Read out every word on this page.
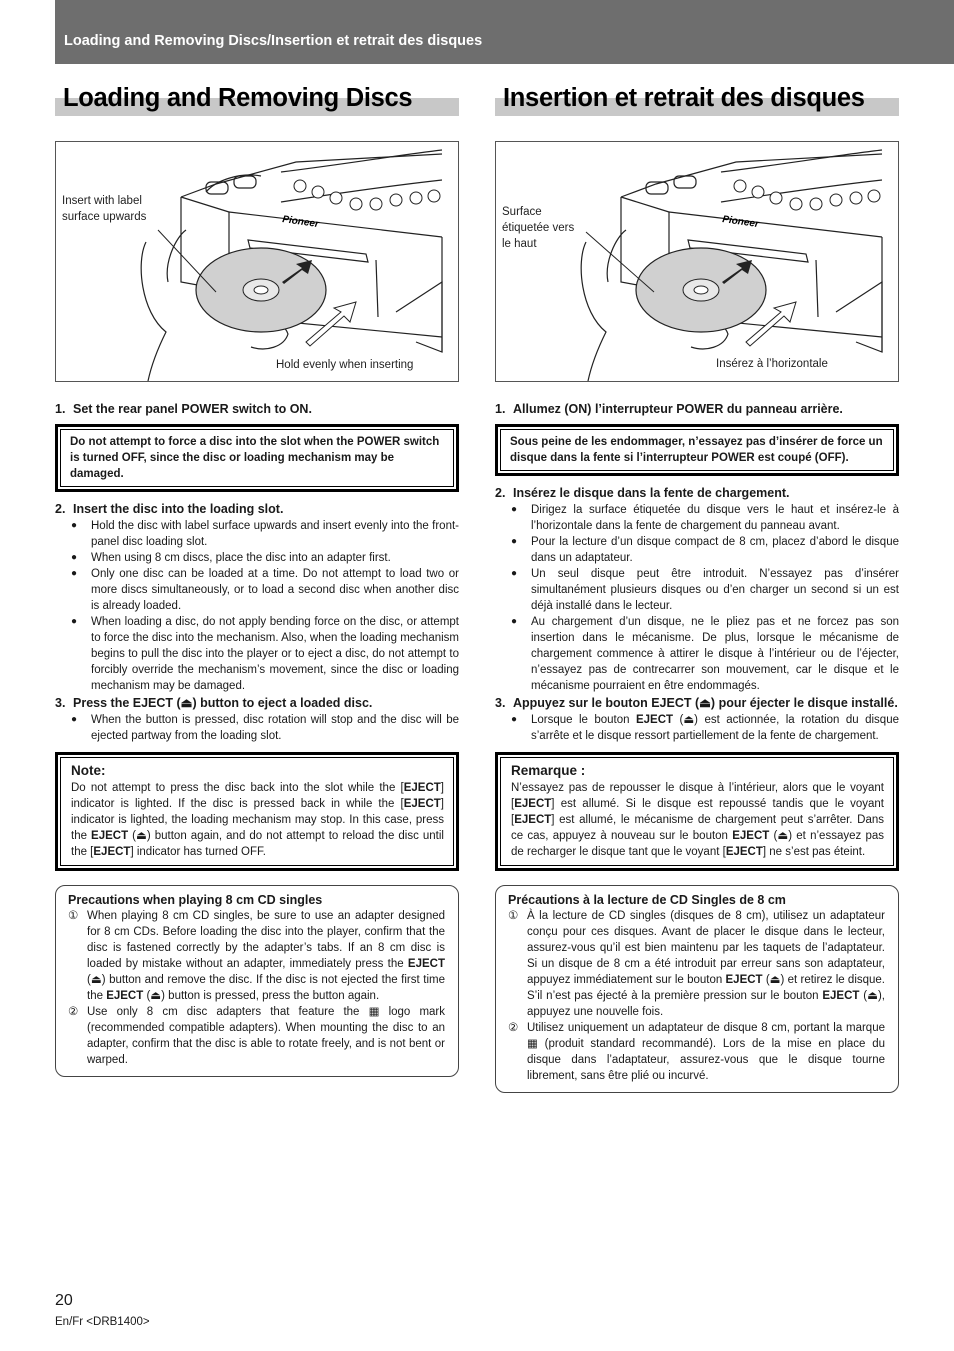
Loading and Removing Discs/Insertion et retrait des disques
Loading and Removing Discs
Pioneer
Insert with label
surface upwards
Hold evenly when inserting

1. Set the rear panel POWER switch to ON.

Do not attempt to force a disc into the slot when the POWER switch is turned OFF, since the disc or loading mechanism may be damaged.

2. Insert the disc into the loading slot.

● Hold the disc with label surface upwards and insert evenly into the front-panel disc loading slot.
● When using 8 cm discs, place the disc into an adapter first.
● Only one disc can be loaded at a time. Do not attempt to load two or more discs simultaneously, or to load a second disc when another disc is already loaded.
● When loading a disc, do not apply bending force on the disc, or attempt to force the disc into the mechanism. Also, when the loading mechanism begins to pull the disc into the player or to eject a disc, do not attempt to forcibly override the mechanism’s movement, since the disc or loading mechanism may be damaged.

3. Press the EJECT (⏏) button to eject a loaded disc.

● When the button is pressed, disc rotation will stop and the disc will be ejected partway from the loading slot.

Note:

Do not attempt to press the disc back into the slot while the [EJECT] indicator is lighted. If the disc is pressed back in while the [EJECT] indicator is lighted, the loading mechanism may stop. In this case, press the EJECT (⏏) button again, and do not attempt to reload the disc until the [EJECT] indicator has turned OFF.

Precautions when playing 8 cm CD singles

① When playing 8 cm CD singles, be sure to use an adapter designed for 8 cm CDs. Before loading the disc into the player, confirm that the disc is fastened correctly by the adapter’s tabs. If an 8 cm disc is loaded by mistake without an adapter, immediately press the EJECT (⏏) button and remove the disc. If the disc is not ejected the first time the EJECT (⏏) button is pressed, press the button again.
② Use only 8 cm disc adapters that feature the ▦ logo mark (recommended compatible adapters). When mounting the disc to an adapter, confirm that the disc is able to rotate freely, and is not bent or warped.
Insertion et retrait des disques
Pioneer
Surface
étiquetée vers
le haut
Insérez à l’horizontale

1. Allumez (ON) l’interrupteur POWER du panneau arrière.

Sous peine de les endommager, n’essayez pas d’insérer de force un disque dans la fente si l’interrupteur POWER est coupé (OFF).

2. Insérez le disque dans la fente de chargement.

● Dirigez la surface étiquetée du disque vers le haut et insérez-le à l’horizontale dans la fente de chargement du panneau avant.
● Pour la lecture d’un disque compact de 8 cm, placez d’abord le disque dans un adaptateur.
● Un seul disque peut être introduit. N’essayez pas d’insérer simultanément plusieurs disques ou d’en charger un second si un est déjà installé dans le lecteur.
● Au chargement d’un disque, ne le pliez pas et ne forcez pas son insertion dans le mécanisme. De plus, lorsque le mécanisme de chargement commence à attirer le disque à l’intérieur ou de l’éjecter, n’essayez pas de contrecarrer son mouvement, car le disque et le mécanisme pourraient en être endommagés.

3. Appuyez sur le bouton EJECT (⏏) pour éjecter le disque installé.

● Lorsque le bouton EJECT (⏏) est actionnée, la rotation du disque s’arrête et le disque ressort partiellement de la fente de chargement.

Remarque :

N’essayez pas de repousser le disque à l’intérieur, alors que le voyant [EJECT] est allumé. Si le disque est repoussé tandis que le voyant [EJECT] est allumé, le mécanisme de chargement peut s’arrêter. Dans ce cas, appuyez à nouveau sur le bouton EJECT (⏏) et n’essayez pas de recharger le disque tant que le voyant [EJECT] ne s’est pas éteint.

Précautions à la lecture de CD Singles de 8 cm

① À la lecture de CD singles (disques de 8 cm), utilisez un adaptateur conçu pour ces disques. Avant de placer le disque dans le lecteur, assurez-vous qu’il est bien maintenu par les taquets de l’adaptateur. Si un disque de 8 cm a été introduit par erreur sans son adaptateur, appuyez immédiatement sur le bouton EJECT (⏏) et retirez le disque. S’il n’est pas éjecté à la première pression sur le bouton EJECT (⏏), appuyez une nouvelle fois.
② Utilisez uniquement un adaptateur de disque 8 cm, portant la marque ▦ (produit standard recommandé). Lors de la mise en place du disque dans l’adaptateur, assurez-vous que le disque tourne librement, sans être plié ou incurvé.
20
En/Fr <DRB1400>
